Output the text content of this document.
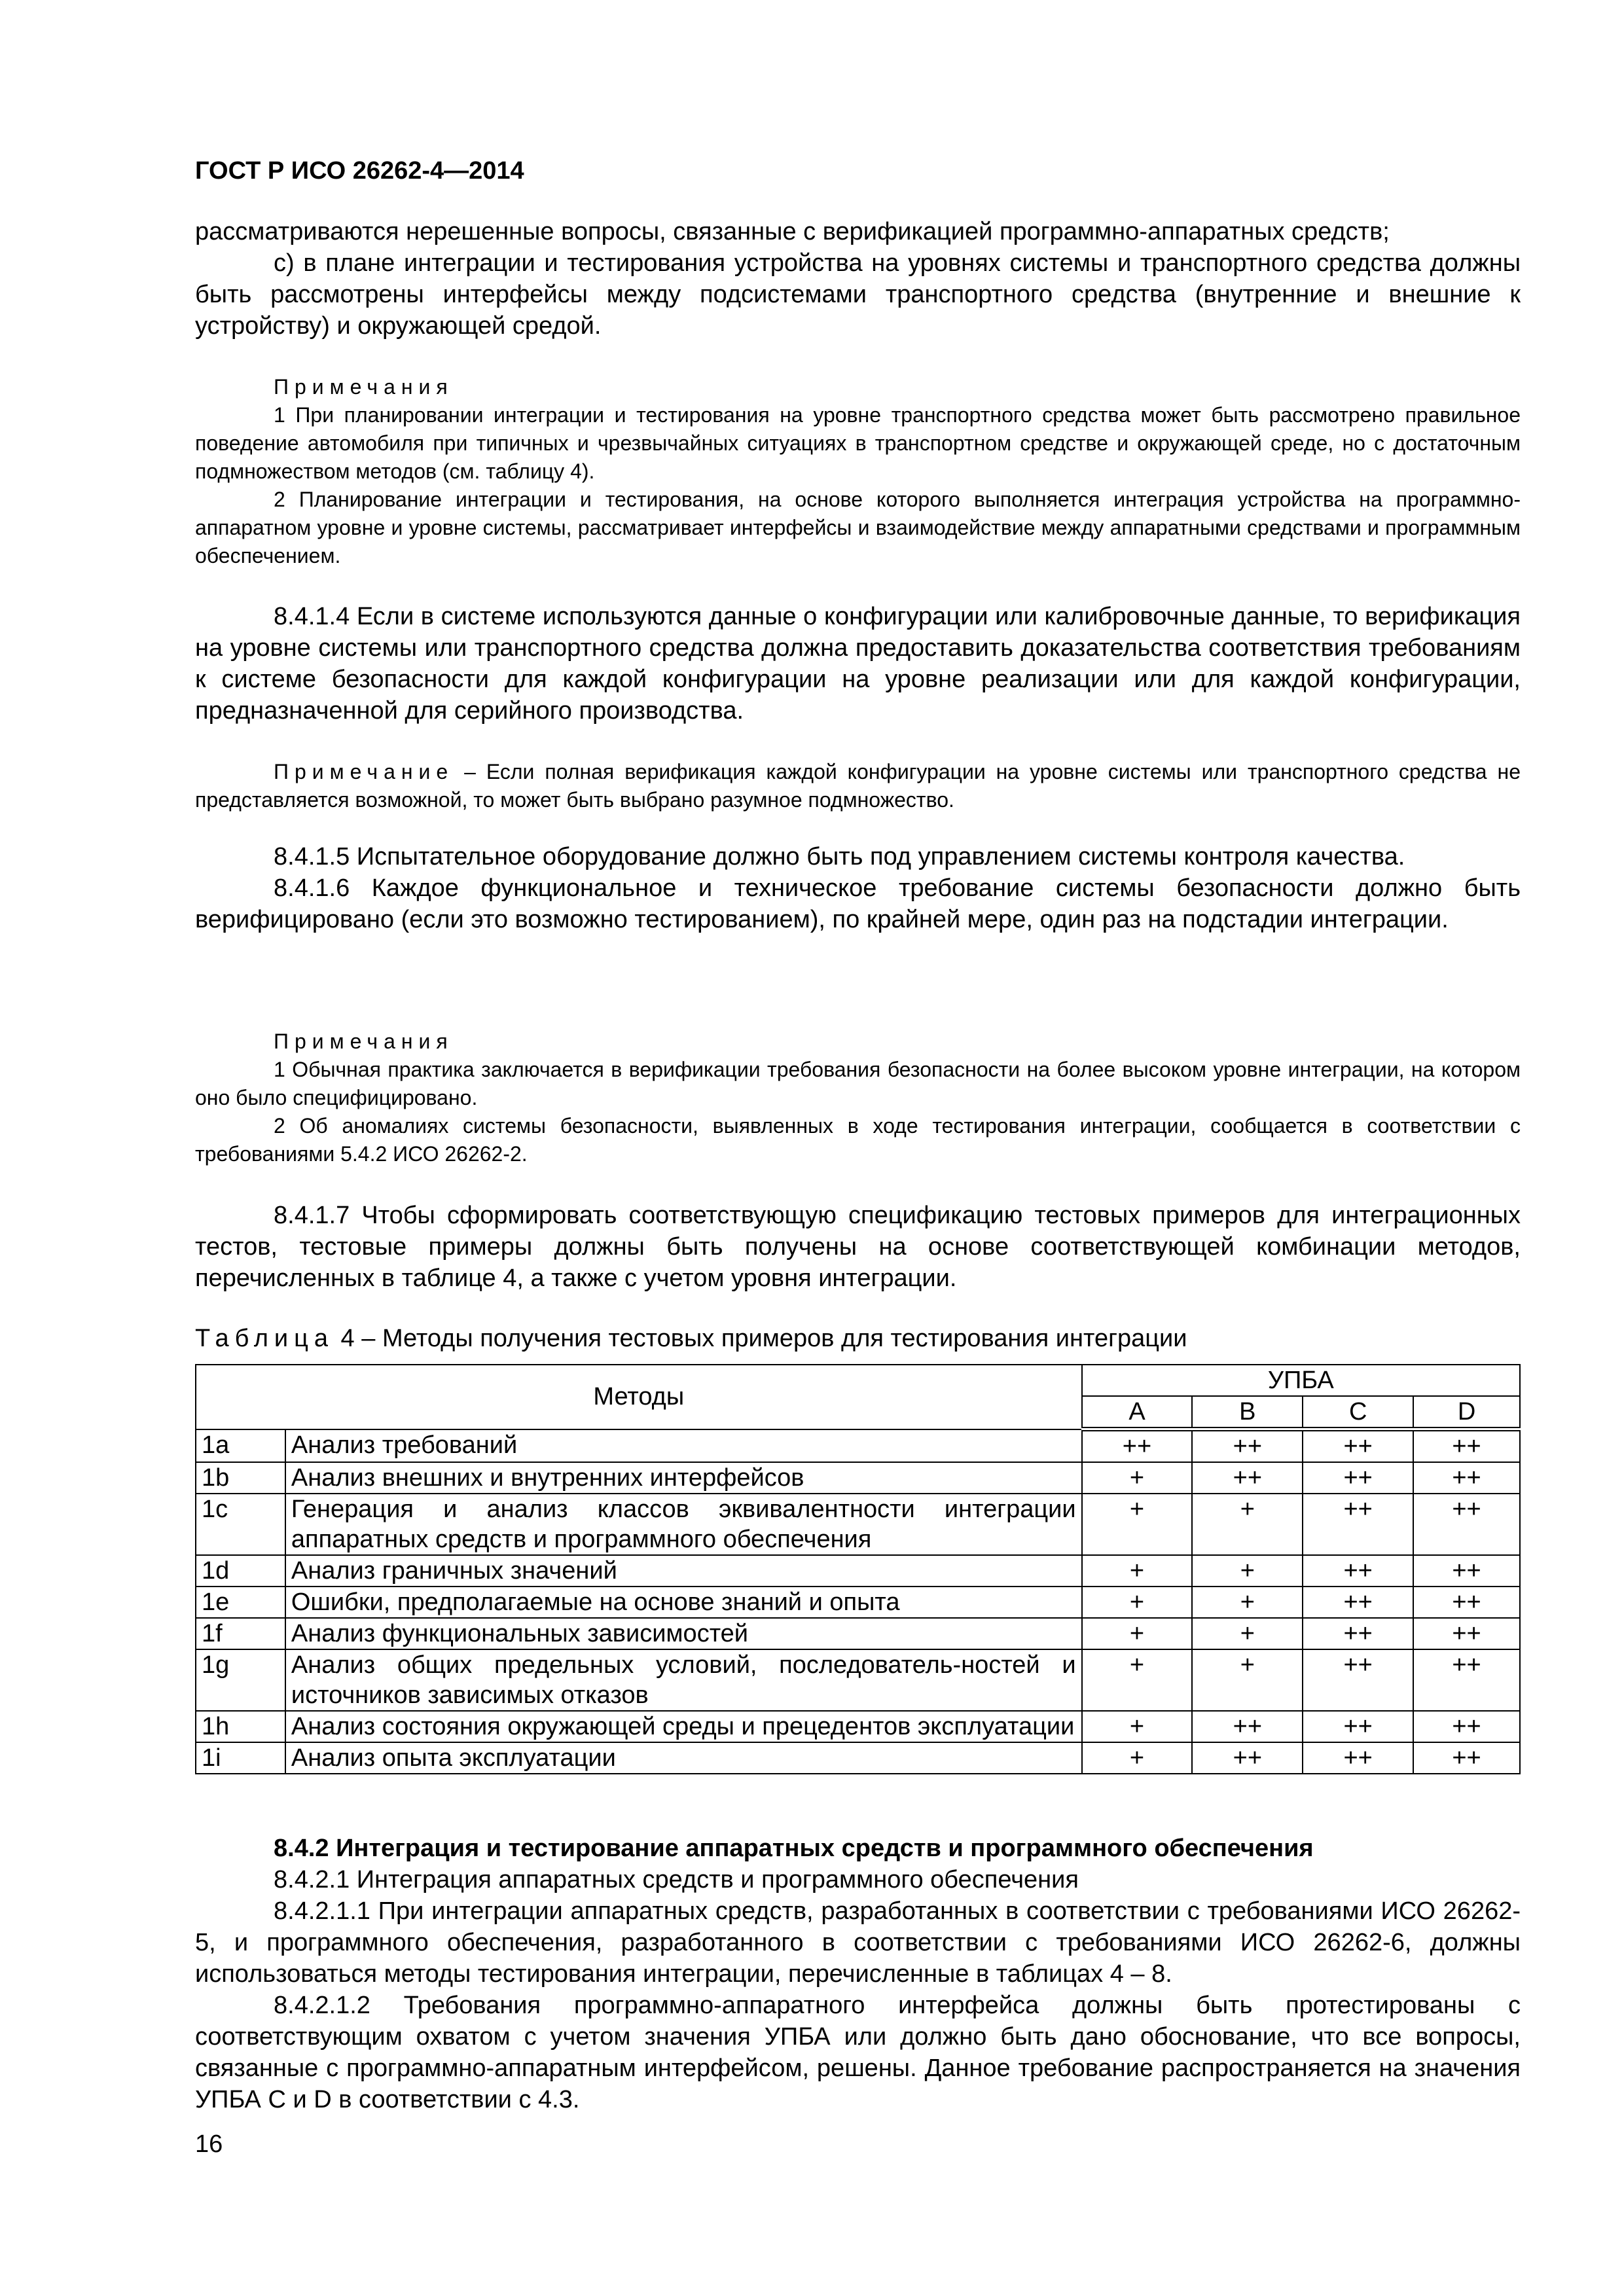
ГОСТ Р ИСО 26262-4—2014

рассматриваются нерешенные вопросы, связанные с верификацией программно-аппаратных средств;

с) в плане интеграции и тестирования устройства на уровнях системы и транспортного средства должны быть рассмотрены интерфейсы между подсистемами транспортного средства (внутренние и внешние к устройству) и окружающей средой.

Примечания

1 При планировании интеграции и тестирования на уровне транспортного средства может быть рассмотрено правильное поведение автомобиля при типичных и чрезвычайных ситуациях в транспортном средстве и окружающей среде, но с достаточным подмножеством методов (см. таблицу 4).

2 Планирование интеграции и тестирования, на основе которого выполняется интеграция устройства на программно-аппаратном уровне и уровне системы, рассматривает интерфейсы и взаимодействие между аппаратными средствами и программным обеспечением.

8.4.1.4 Если в системе используются данные о конфигурации или калибровочные данные, то верификация на уровне системы или транспортного средства должна предоставить доказательства соответствия требованиям к системе безопасности для каждой конфигурации на уровне реализации или для каждой конфигурации, предназначенной для серийного производства.

Примечание – Если полная верификация каждой конфигурации на уровне системы или транспортного средства не представляется возможной, то может быть выбрано разумное подмножество.

8.4.1.5 Испытательное оборудование должно быть под управлением системы контроля качества.

8.4.1.6 Каждое функциональное и техническое требование системы безопасности должно быть верифицировано (если это возможно тестированием), по крайней мере, один раз на подстадии интеграции.

Примечания

1 Обычная практика заключается в верификации требования безопасности на более высоком уровне интеграции, на котором оно было специфицировано.

2 Об аномалиях системы безопасности, выявленных в ходе тестирования интеграции, сообщается в соответствии с требованиями 5.4.2 ИСО 26262-2.

8.4.1.7 Чтобы сформировать соответствующую спецификацию тестовых примеров для интеграционных тестов, тестовые примеры должны быть получены на основе соответствующей комбинации методов, перечисленных в таблице 4, а также с учетом уровня интеграции.

Таблица 4 – Методы получения тестовых примеров для тестирования интеграции
Методы		УПБА			
		A	B	C	D
1a	Анализ требований	++	++	++	++
1b	Анализ внешних и внутренних интерфейсов	+	++	++	++
1c	Генерация и анализ классов эквивалентности интеграции аппаратных средств и программного обеспечения	+	+	++	++
1d	Анализ граничных значений	+	+	++	++
1e	Ошибки, предполагаемые на основе знаний и опыта	+	+	++	++
1f	Анализ функциональных зависимостей	+	+	++	++
1g	Анализ общих предельных условий, последователь-ностей и источников зависимых отказов	+	+	++	++
1h	Анализ состояния окружающей среды и прецедентов эксплуатации	+	++	++	++
1i	Анализ опыта эксплуатации	+	++	++	++

8.4.2 Интеграция и тестирование аппаратных средств и программного обеспечения

8.4.2.1 Интеграция аппаратных средств и программного обеспечения

8.4.2.1.1 При интеграции аппаратных средств, разработанных в соответствии с требованиями ИСО 26262-5, и программного обеспечения, разработанного в соответствии с требованиями ИСО 26262-6, должны использоваться методы тестирования интеграции, перечисленные в таблицах 4 – 8.

8.4.2.1.2 Требования программно-аппаратного интерфейса должны быть протестированы с соответствующим охватом с учетом значения УПБА или должно быть дано обоснование, что все вопросы, связанные с программно-аппаратным интерфейсом, решены. Данное требование распространяется на значения УПБА C и D в соответствии с 4.3.

16
